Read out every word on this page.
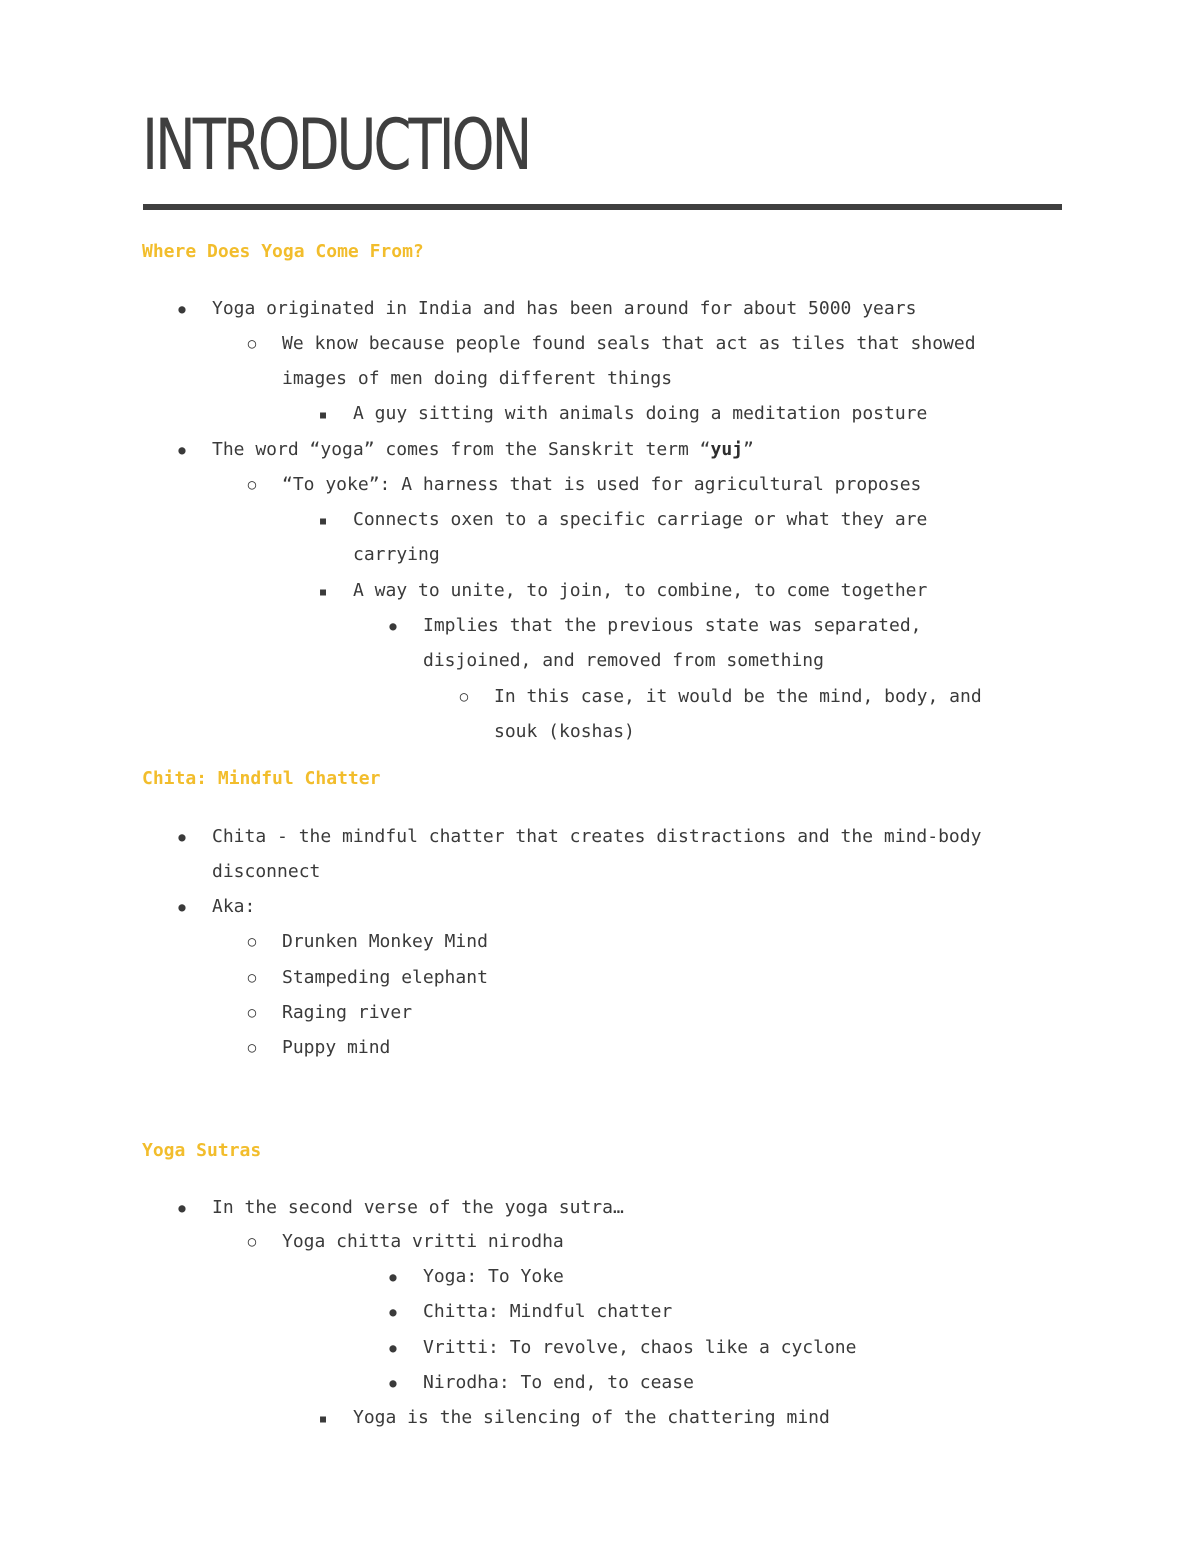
INTRODUCTION
Where Does Yoga Come From?
●
Yoga originated in India and has been around for about 5000 years
○
We know because people found seals that act as tiles that showed
images of men doing different things
■
A guy sitting with animals doing a meditation posture
●
The word “yoga” comes from the Sanskrit term “yuj”
○
“To yoke”: A harness that is used for agricultural proposes
■
Connects oxen to a specific carriage or what they are
carrying
■
A way to unite, to join, to combine, to come together
●
Implies that the previous state was separated,
disjoined, and removed from something
○
In this case, it would be the mind, body, and
souk (koshas)
Chita: Mindful Chatter
●
Chita - the mindful chatter that creates distractions and the mind-body
disconnect
●
Aka:
○
Drunken Monkey Mind
○
Stampeding elephant
○
Raging river
○
Puppy mind
Yoga Sutras
●
In the second verse of the yoga sutra…
○
Yoga chitta vritti nirodha
●
Yoga: To Yoke
●
Chitta: Mindful chatter
●
Vritti: To revolve, chaos like a cyclone
●
Nirodha: To end, to cease
■
Yoga is the silencing of the chattering mind
